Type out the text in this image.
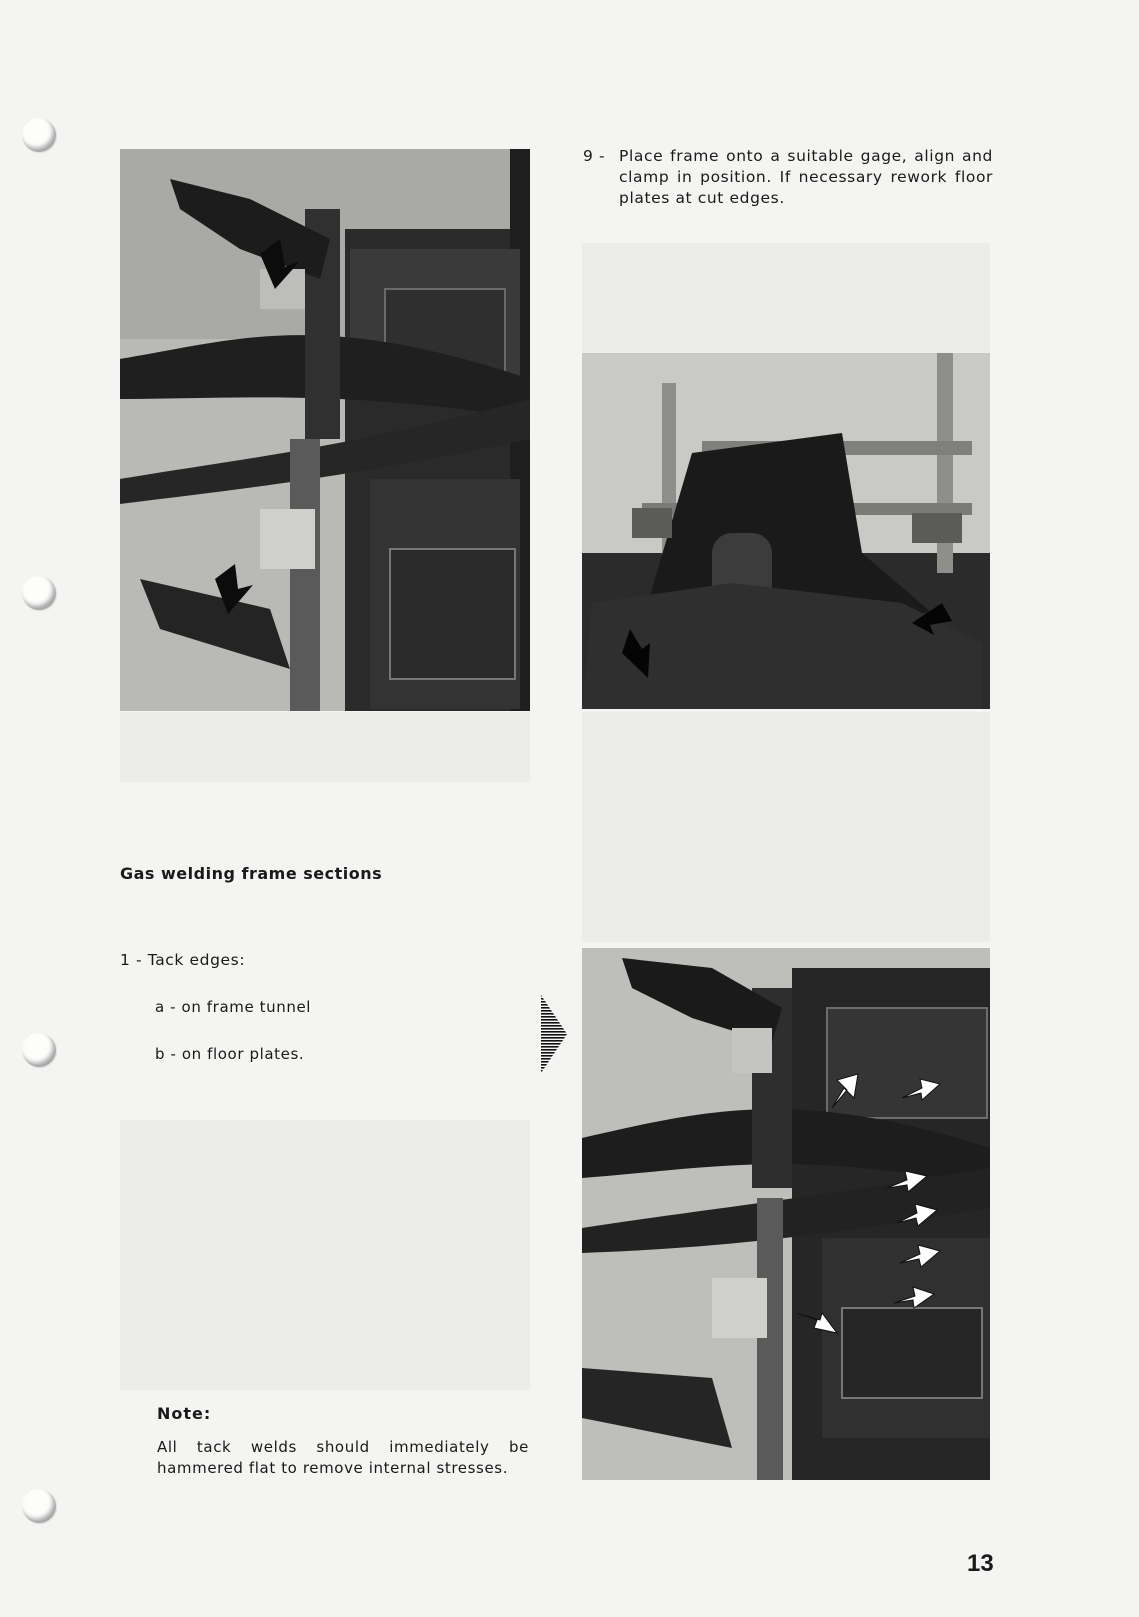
9 - Place frame onto a suitable gage, align and clamp in position. If necessary rework floor plates at cut edges.
Gas welding frame sections
1 - Tack edges:
a - on frame tunnel
b - on floor plates.
Note:
All tack welds should immediately be hammered flat to remove internal stresses.
13
